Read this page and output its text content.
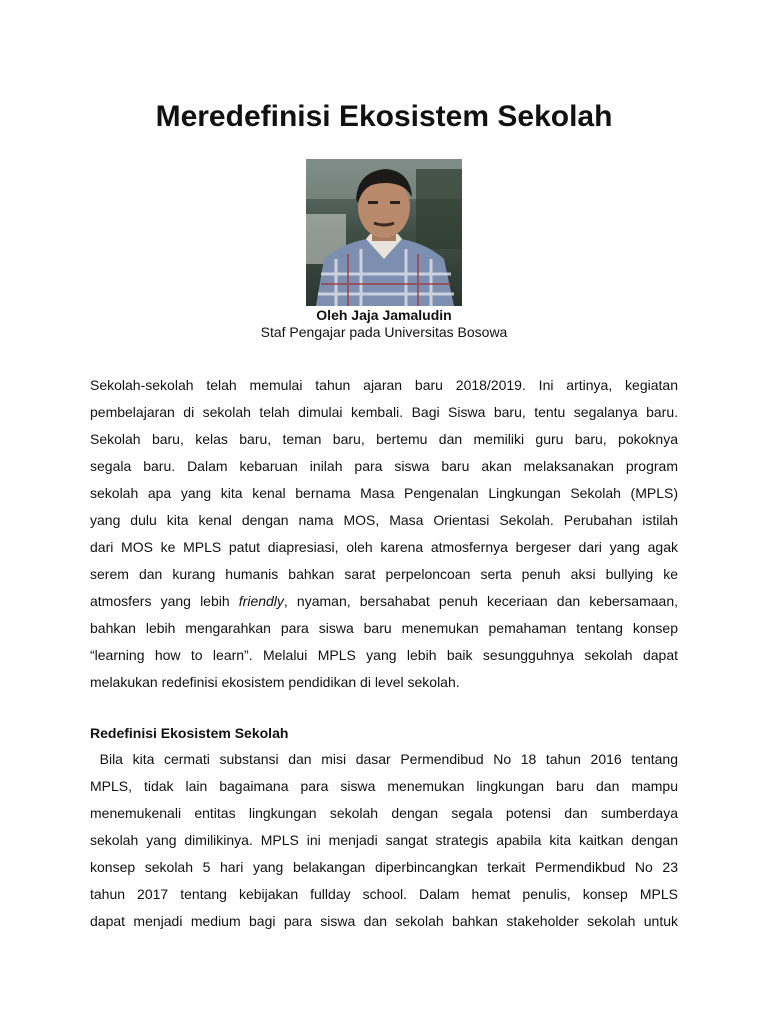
Meredefinisi Ekosistem Sekolah
Oleh Jaja Jamaludin
Staf Pengajar pada Universitas Bosowa
Sekolah-sekolah telah memulai tahun ajaran baru 2018/2019. Ini artinya, kegiatan
pembelajaran di sekolah telah dimulai kembali. Bagi Siswa baru, tentu segalanya baru.
Sekolah baru, kelas baru, teman baru, bertemu dan memiliki guru baru, pokoknya
segala baru. Dalam kebaruan inilah para siswa baru akan melaksanakan program
sekolah apa yang kita kenal bernama Masa Pengenalan Lingkungan Sekolah (MPLS)
yang dulu kita kenal dengan nama MOS, Masa Orientasi Sekolah. Perubahan istilah
dari MOS ke MPLS patut diapresiasi, oleh karena atmosfernya bergeser dari yang agak
serem dan kurang humanis bahkan sarat perpeloncoan serta penuh aksi bullying ke
atmosfers yang lebih friendly, nyaman, bersahabat penuh keceriaan dan kebersamaan,
bahkan lebih mengarahkan para siswa baru menemukan pemahaman tentang konsep
“learning how to learn”. Melalui MPLS yang lebih baik sesungguhnya sekolah dapat
melakukan redefinisi ekosistem pendidikan di level sekolah.
Redefinisi Ekosistem Sekolah
Bila kita cermati substansi dan misi dasar Permendibud No 18 tahun 2016 tentang
MPLS, tidak lain bagaimana para siswa menemukan lingkungan baru dan mampu
menemukenali entitas lingkungan sekolah dengan segala potensi dan sumberdaya
sekolah yang dimilikinya. MPLS ini menjadi sangat strategis apabila kita kaitkan dengan
konsep sekolah 5 hari yang belakangan diperbincangkan terkait Permendikbud No 23
tahun 2017 tentang kebijakan fullday school. Dalam hemat penulis, konsep MPLS
dapat menjadi medium bagi para siswa dan sekolah bahkan stakeholder sekolah untuk
